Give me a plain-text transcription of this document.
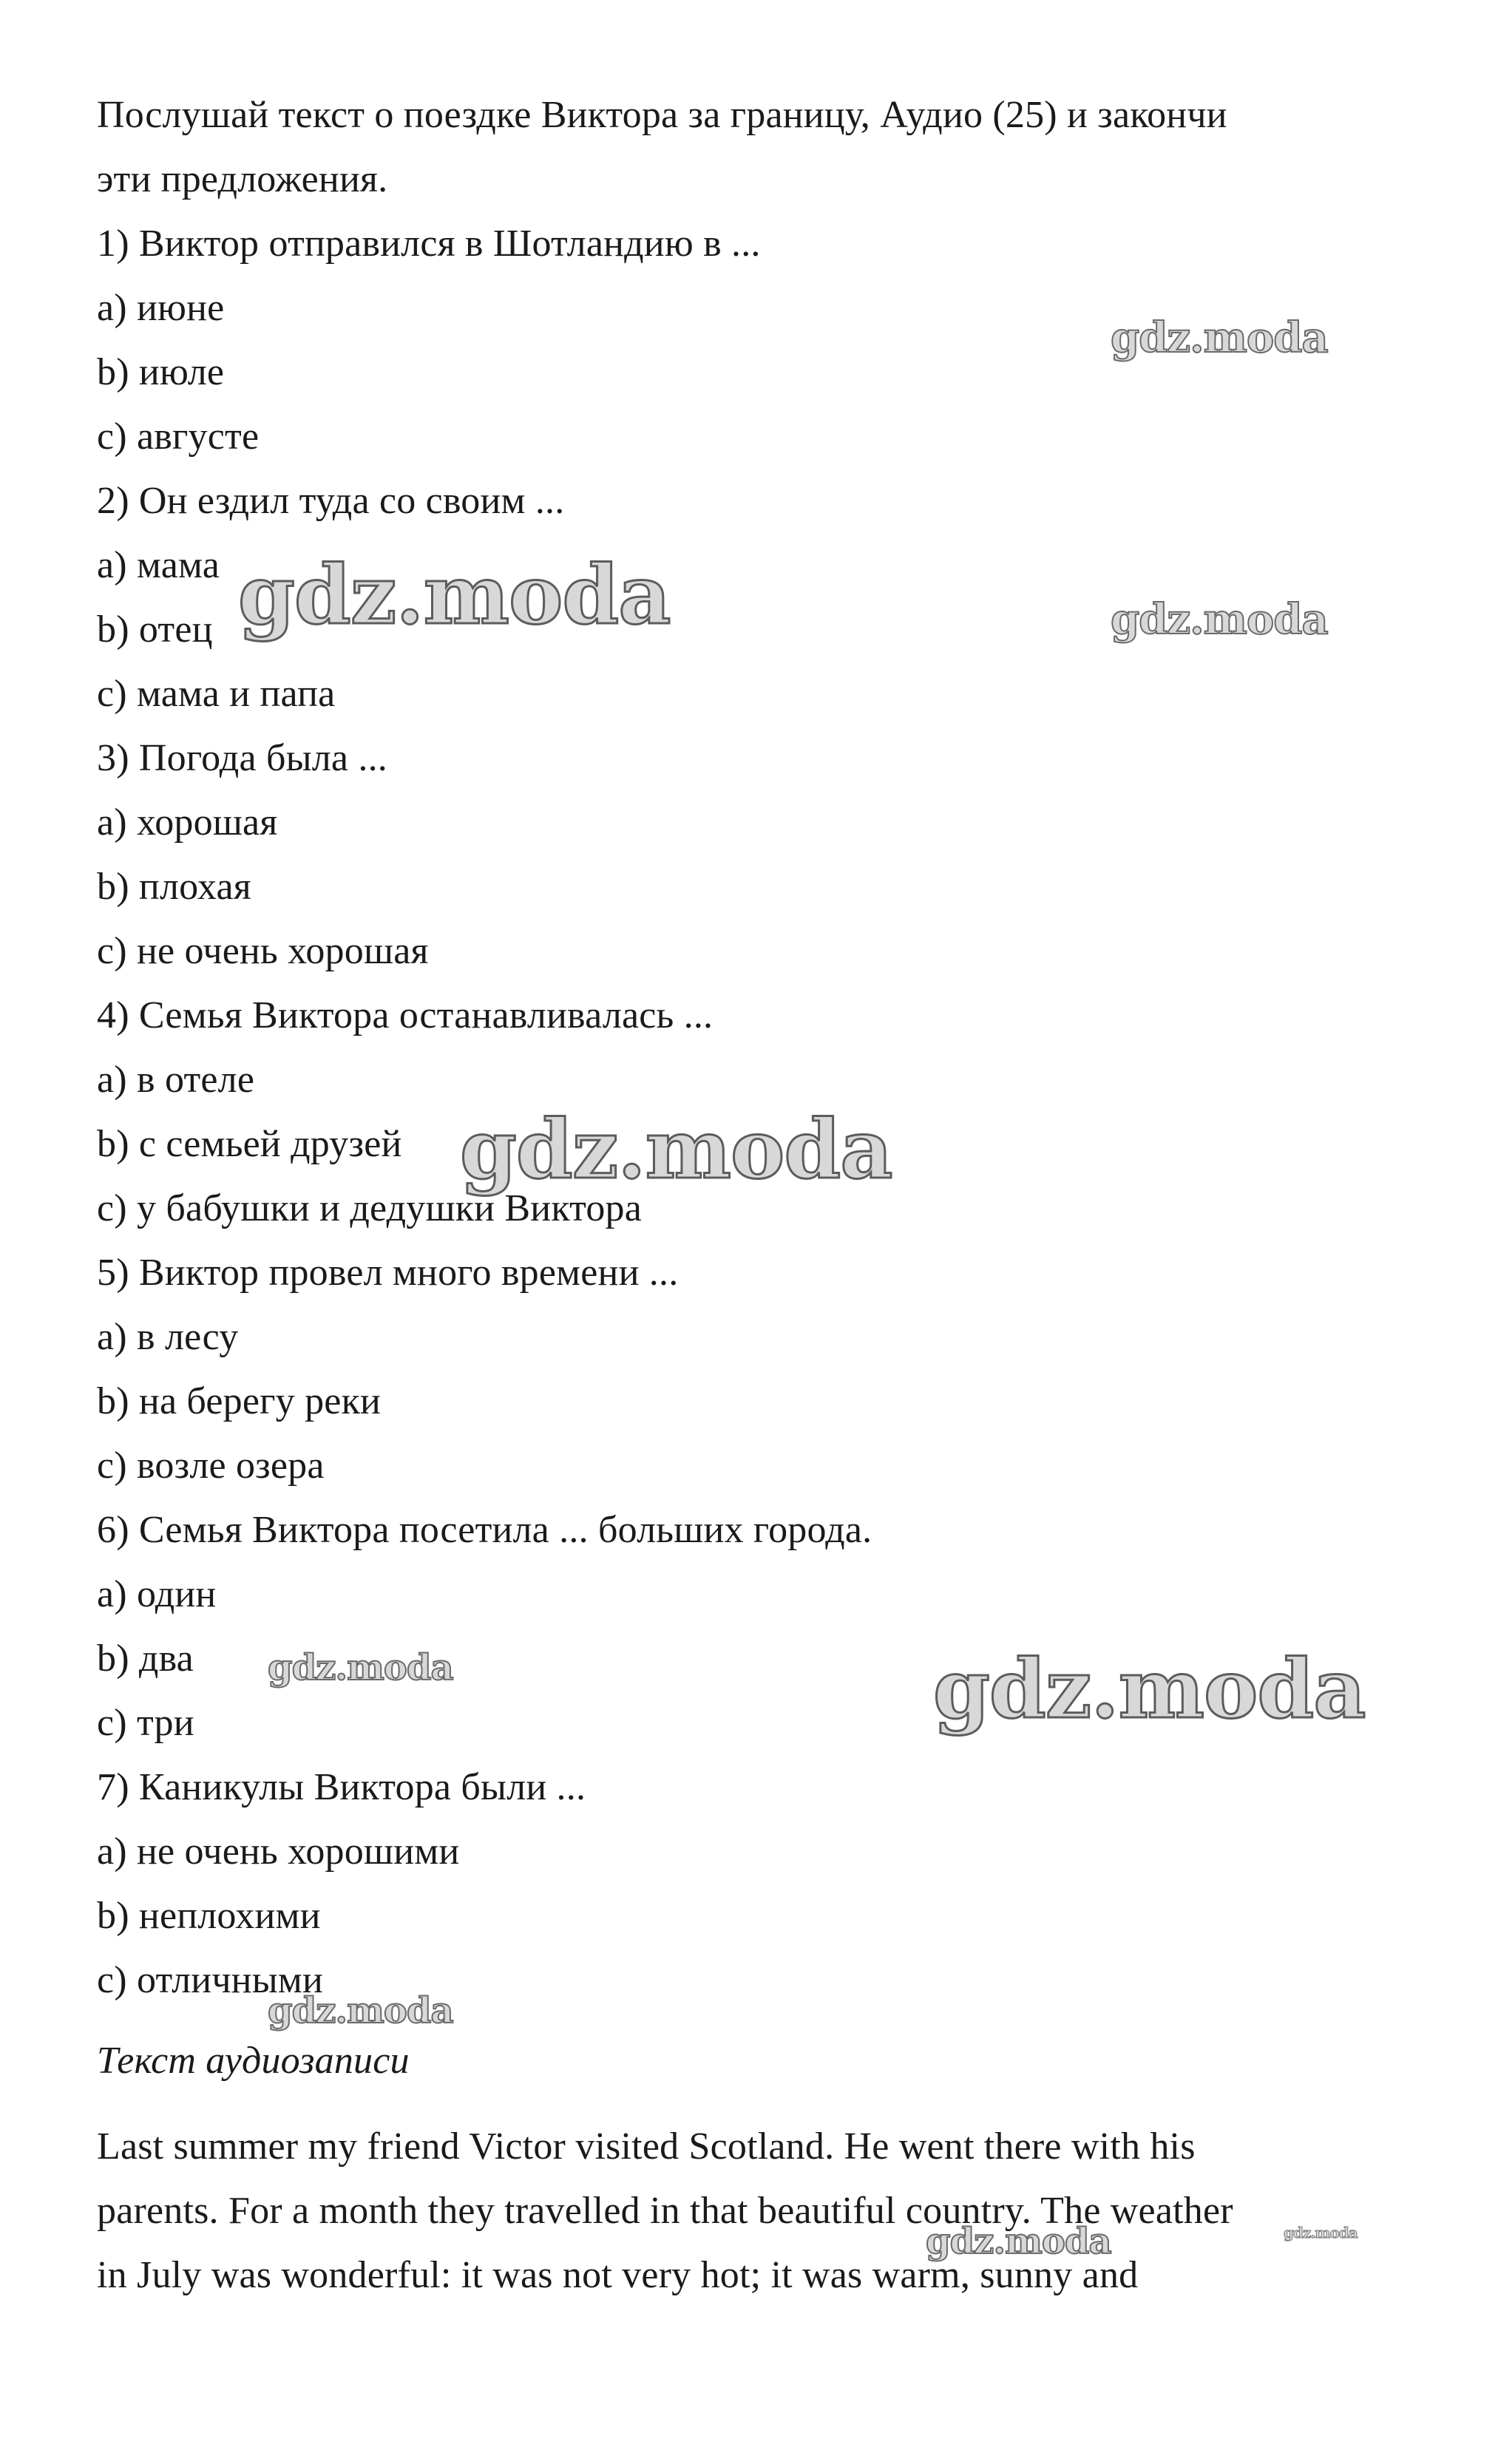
Послушай текст о поездке Виктора за границу, Аудио (25) и закончи
эти предложения.
1) Виктор отправился в Шотландию в ...
a) июне
b) июле
c) августе
2) Он ездил туда со своим ...
a) мама
b) отец
c) мама и папа
3) Погода была ...
a) хорошая
b) плохая
c) не очень хорошая
4) Семья Виктора останавливалась ...
a) в отеле
b) с семьей друзей
c) у бабушки и дедушки Виктора
5) Виктор провел много времени ...
a) в лесу
b) на берегу реки
c) возле озера
6) Семья Виктора посетила ... больших города.
a) один
b) два
c) три
7) Каникулы Виктора были ...
a) не очень хорошими
b) неплохими
c) отличными
Текст аудиозаписи
Last summer my friend Victor visited Scotland. He went there with his
parents. For a month they travelled in that beautiful country. The weather
in July was wonderful: it was not very hot; it was warm, sunny and
gdz.moda
gdz.moda	gdz.moda
gdz.moda
gdz.moda	gdz.moda
gdz.moda
gdz.moda	gdz.moda
